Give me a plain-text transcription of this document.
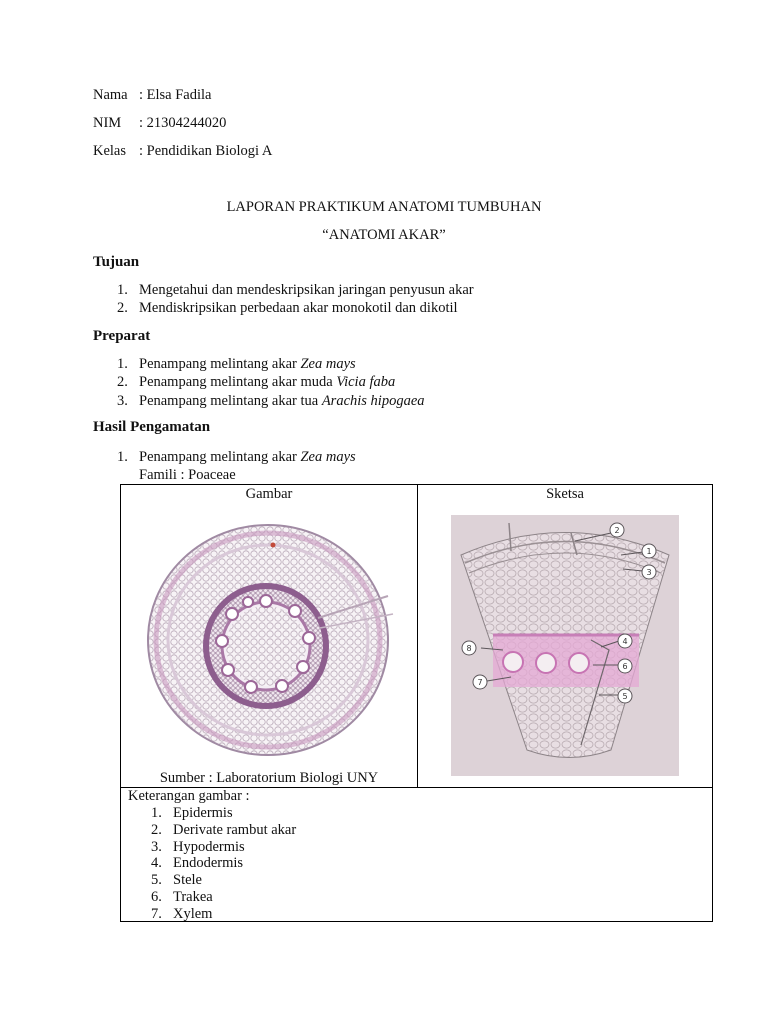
Nama : Elsa Fadila
NIM : 21304244020
Kelas : Pendidikan Biologi A
LAPORAN PRAKTIKUM ANATOMI TUMBUHAN
“ANATOMI AKAR”
Tujuan
1. Mengetahui dan mendeskripsikan jaringan penyusun akar
2. Mendiskripsikan perbedaan akar monokotil dan dikotil
Preparat
1. Penampang melintang akar Zea mays
2. Penampang melintang akar muda Vicia faba
3. Penampang melintang akar tua Arachis hipogaea
Hasil Pengamatan
1. Penampang melintang akar Zea mays
Famili : Poaceae
Gambar	Sketsa
Sumber : Laboratorium Biologi UNY
2
1
3
4
6
8
7
5
Keterangan gambar :
1. Epidermis
2. Derivate rambut akar
3. Hypodermis
4. Endodermis
5. Stele
6. Trakea
7. Xylem
